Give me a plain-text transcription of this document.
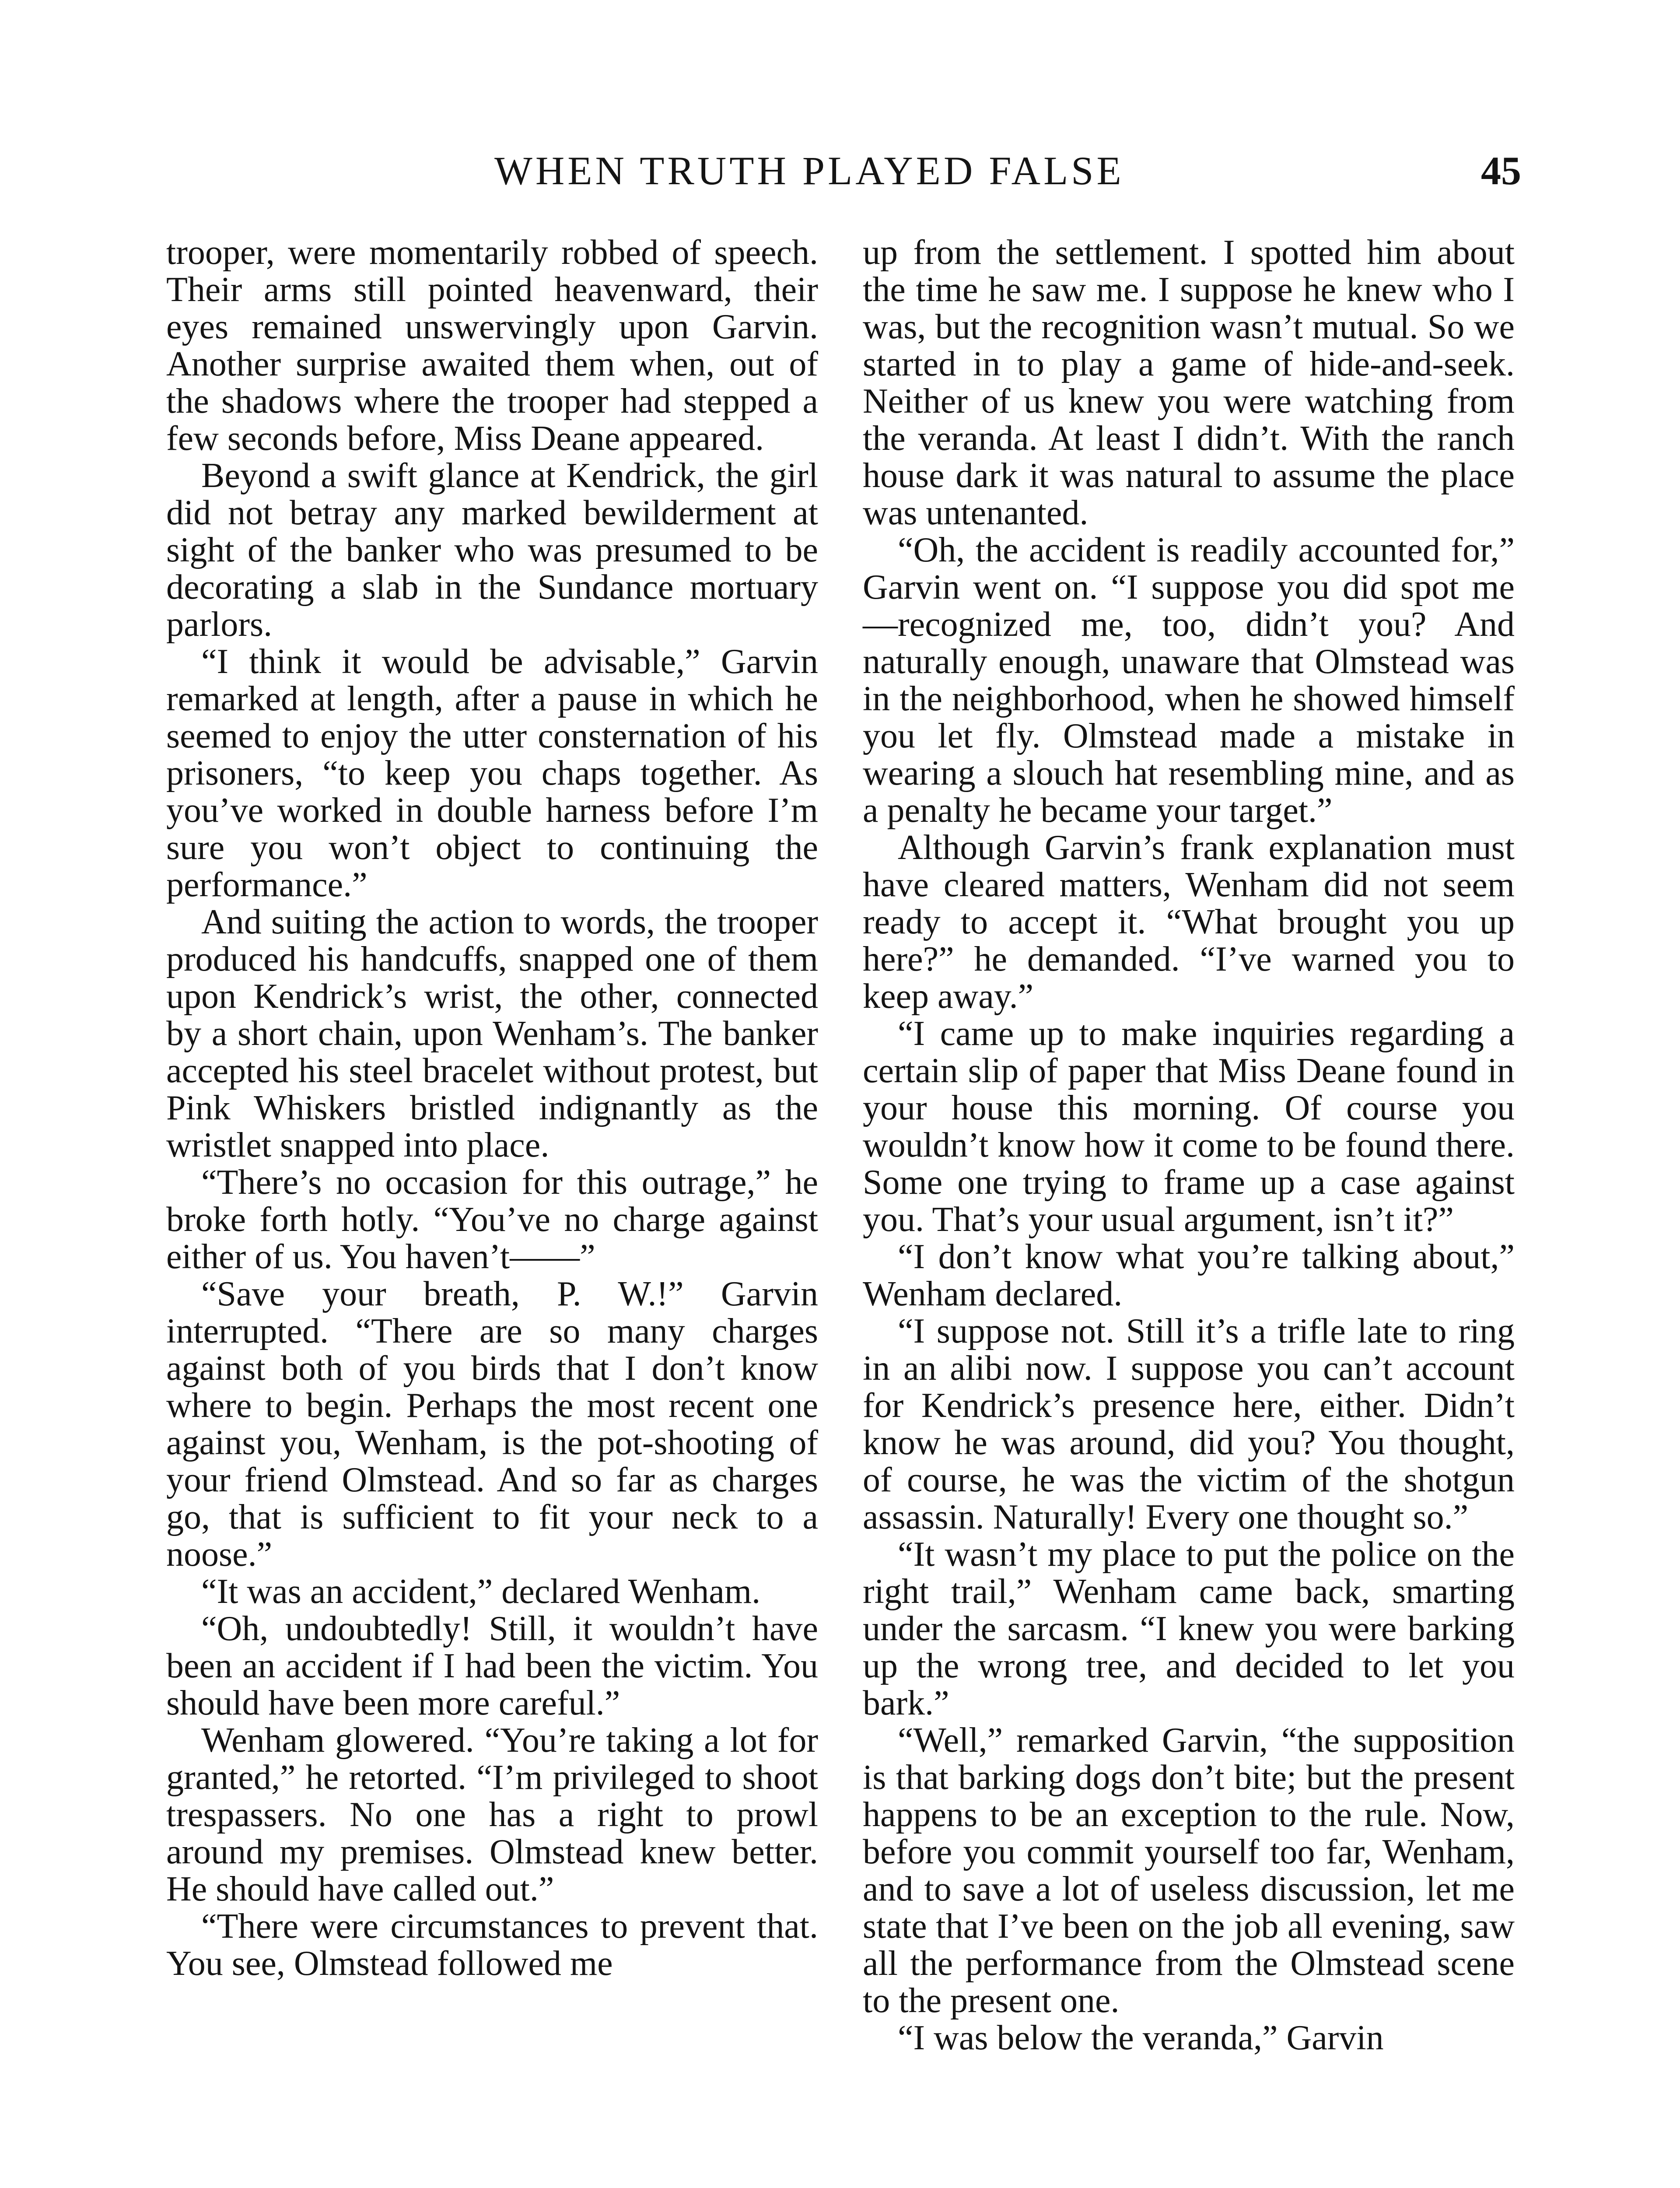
WHEN TRUTH PLAYED FALSE	45

trooper, were momentarily robbed of speech. Their arms still pointed heavenward, their eyes remained unswervingly upon Garvin. Another surprise awaited them when, out of the shadows where the trooper had stepped a few seconds before, Miss Deane appeared.

Beyond a swift glance at Kendrick, the girl did not betray any marked bewilderment at sight of the banker who was presumed to be decorating a slab in the Sundance mortuary parlors.

“I think it would be advisable,” Garvin remarked at length, after a pause in which he seemed to enjoy the utter consternation of his prisoners, “to keep you chaps together. As you’ve worked in double harness before I’m sure you won’t object to continuing the performance.”

And suiting the action to words, the trooper produced his handcuffs, snapped one of them upon Kendrick’s wrist, the other, connected by a short chain, upon Wenham’s. The banker accepted his steel bracelet without protest, but Pink Whiskers bristled indignantly as the wristlet snapped into place.

“There’s no occasion for this outrage,” he broke forth hotly. “You’ve no charge against either of us. You haven’t——”

“Save your breath, P. W.!” Garvin interrupted. “There are so many charges against both of you birds that I don’t know where to begin. Perhaps the most recent one against you, Wenham, is the pot-shooting of your friend Olmstead. And so far as charges go, that is sufficient to fit your neck to a noose.”

“It was an accident,” declared Wenham.

“Oh, undoubtedly! Still, it wouldn’t have been an accident if I had been the victim. You should have been more careful.”

Wenham glowered. “You’re taking a lot for granted,” he retorted. “I’m privileged to shoot trespassers. No one has a right to prowl around my premises. Olmstead knew better. He should have called out.”

“There were circumstances to prevent that. You see, Olmstead followed me

up from the settlement. I spotted him about the time he saw me. I suppose he knew who I was, but the recognition wasn’t mutual. So we started in to play a game of hide-and-seek. Neither of us knew you were watching from the veranda. At least I didn’t. With the ranch house dark it was natural to assume the place was untenanted.

“Oh, the accident is readily accounted for,” Garvin went on. “I suppose you did spot me—recognized me, too, didn’t you? And naturally enough, unaware that Olmstead was in the neighborhood, when he showed himself you let fly. Olmstead made a mistake in wearing a slouch hat resembling mine, and as a penalty he became your target.”

Although Garvin’s frank explanation must have cleared matters, Wenham did not seem ready to accept it. “What brought you up here?” he demanded. “I’ve warned you to keep away.”

“I came up to make inquiries regarding a certain slip of paper that Miss Deane found in your house this morning. Of course you wouldn’t know how it come to be found there. Some one trying to frame up a case against you. That’s your usual argument, isn’t it?”

“I don’t know what you’re talking about,” Wenham declared.

“I suppose not. Still it’s a trifle late to ring in an alibi now. I suppose you can’t account for Kendrick’s presence here, either. Didn’t know he was around, did you? You thought, of course, he was the victim of the shotgun assassin. Naturally! Every one thought so.”

“It wasn’t my place to put the police on the right trail,” Wenham came back, smarting under the sarcasm. “I knew you were barking up the wrong tree, and decided to let you bark.”

“Well,” remarked Garvin, “the supposition is that barking dogs don’t bite; but the present happens to be an exception to the rule. Now, before you commit yourself too far, Wenham, and to save a lot of useless discussion, let me state that I’ve been on the job all evening, saw all the performance from the Olmstead scene to the present one.

“I was below the veranda,” Garvin
